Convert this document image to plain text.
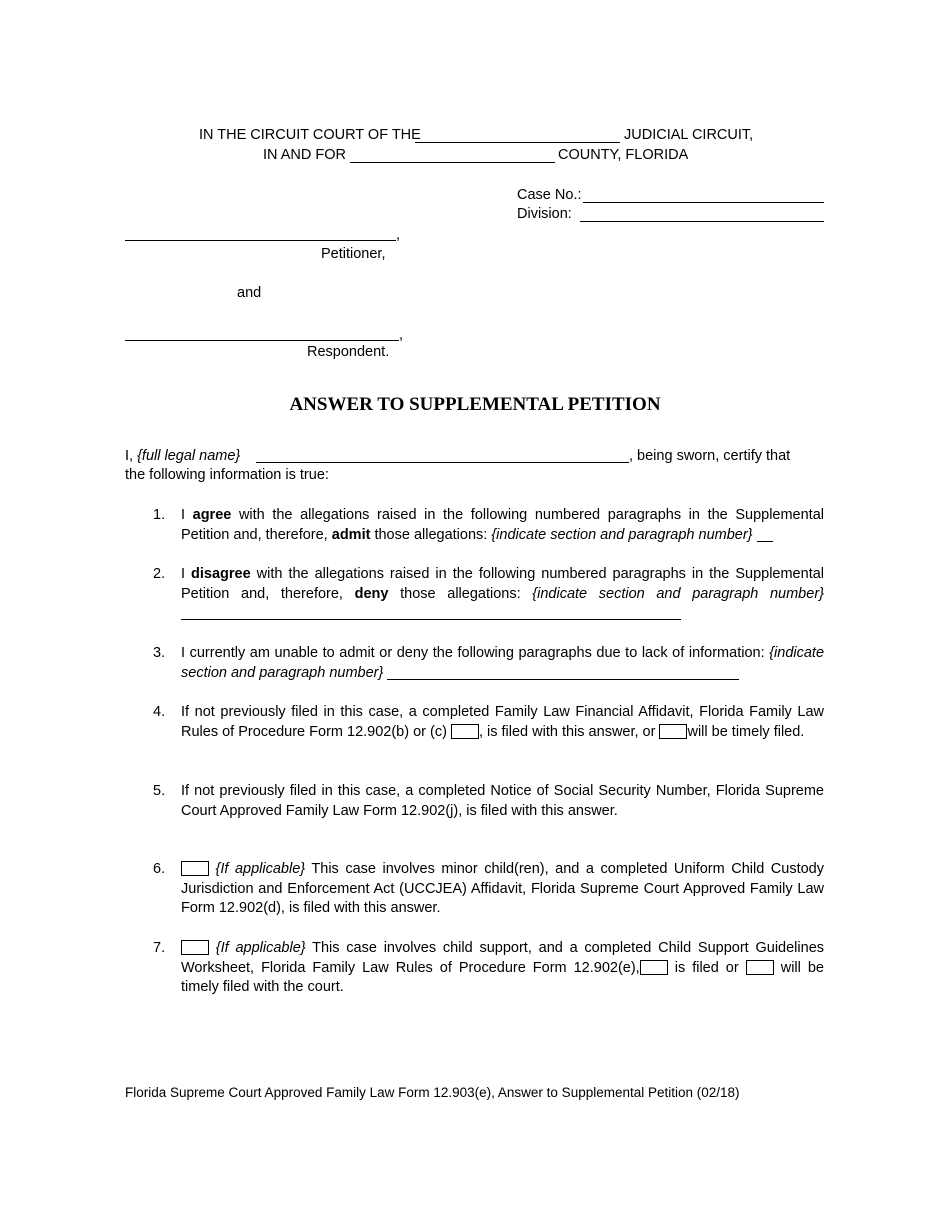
IN THE CIRCUIT COURT OF THE	JUDICIAL CIRCUIT,
IN AND FOR	COUNTY, FLORIDA
Case No.:
Division:
,
Petitioner,
and
,
Respondent.
ANSWER TO SUPPLEMENTAL PETITION
I, {full legal name}	, being sworn, certify that
the following information is true:
1. I agree with the allegations raised in the following numbered paragraphs in the Supplemental Petition and, therefore, admit those allegations: {indicate section and paragraph number}
2. I disagree with the allegations raised in the following numbered paragraphs in the Supplemental Petition and, therefore, deny those allegations: {indicate section and paragraph number}
3. I currently am unable to admit or deny the following paragraphs due to lack of information: {indicate section and paragraph number}
4. If not previously filed in this case, a completed Family Law Financial Affidavit, Florida Family Law Rules of Procedure Form 12.902(b) or (c) , is filed with this answer, or will be timely filed.
5. If not previously filed in this case, a completed Notice of Social Security Number, Florida Supreme Court Approved Family Law Form 12.902(j), is filed with this answer.
6.	{If applicable} This case involves minor child(ren), and a completed Uniform Child Custody Jurisdiction and Enforcement Act (UCCJEA) Affidavit, Florida Supreme Court Approved Family Law Form 12.902(d), is filed with this answer.
7.	{If applicable} This case involves child support, and a completed Child Support Guidelines Worksheet, Florida Family Law Rules of Procedure Form 12.902(e), is filed or  will be timely filed with the court.
Florida Supreme Court Approved Family Law Form 12.903(e), Answer to Supplemental Petition (02/18)
